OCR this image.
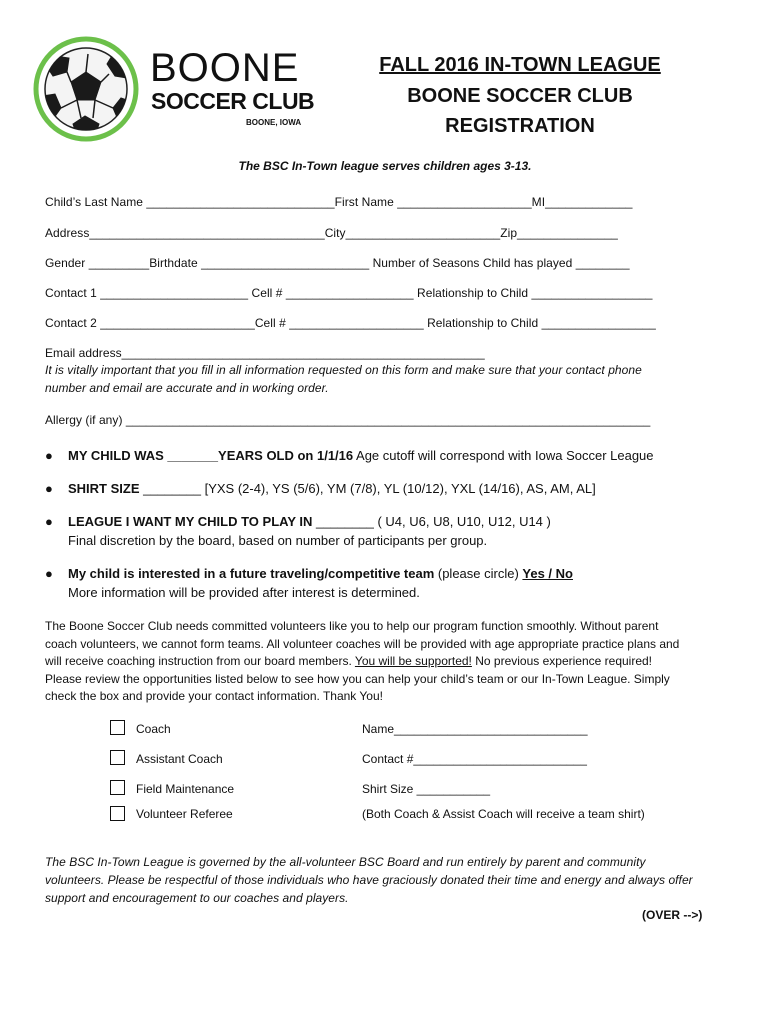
BOONE
SOCCER CLUB
BOONE, IOWA
FALL 2016 IN-TOWN LEAGUE
BOONE SOCCER CLUB
REGISTRATION
The BSC In-Town league serves children ages 3-13.
Child’s Last Name ____________________________First Name ____________________MI_____________
Address___________________________________City_______________________Zip_______________
Gender _________Birthdate _________________________ Number of Seasons Child has played ________
Contact 1 ______________________ Cell # ___________________ Relationship to Child __________________
Contact 2 _______________________Cell # ____________________ Relationship to Child _________________
Email address______________________________________________________
It is vitally important that you fill in all information requested on this form and make sure that your contact phone
number and email are accurate and in working order.
Allergy (if any) ______________________________________________________________________________
● MY CHILD WAS _______YEARS OLD on 1/1/16 Age cutoff will correspond with Iowa Soccer League
● SHIRT SIZE ________ [YXS (2-4), YS (5/6), YM (7/8), YL (10/12), YXL (14/16), AS, AM, AL]
● LEAGUE I WANT MY CHILD TO PLAY IN ________ ( U4, U6, U8, U10, U12, U14 )
Final discretion by the board, based on number of participants per group.
● My child is interested in a future traveling/competitive team (please circle) Yes / No
More information will be provided after interest is determined.
The Boone Soccer Club needs committed volunteers like you to help our program function smoothly. Without parent
coach volunteers, we cannot form teams. All volunteer coaches will be provided with age appropriate practice plans and
will receive coaching instruction from our board members. You will be supported! No previous experience required!
Please review the opportunities listed below to see how you can help your child’s team or our In-Town League. Simply
check the box and provide your contact information. Thank You!
Coach	Name_____________________________
Assistant Coach	Contact #__________________________
Field Maintenance	Shirt Size ___________
Volunteer Referee	(Both Coach & Assist Coach will receive a team shirt)
The BSC In-Town League is governed by the all-volunteer BSC Board and run entirely by parent and community
volunteers. Please be respectful of those individuals who have graciously donated their time and energy and always offer
support and encouragement to our coaches and players.
(OVER -->)
